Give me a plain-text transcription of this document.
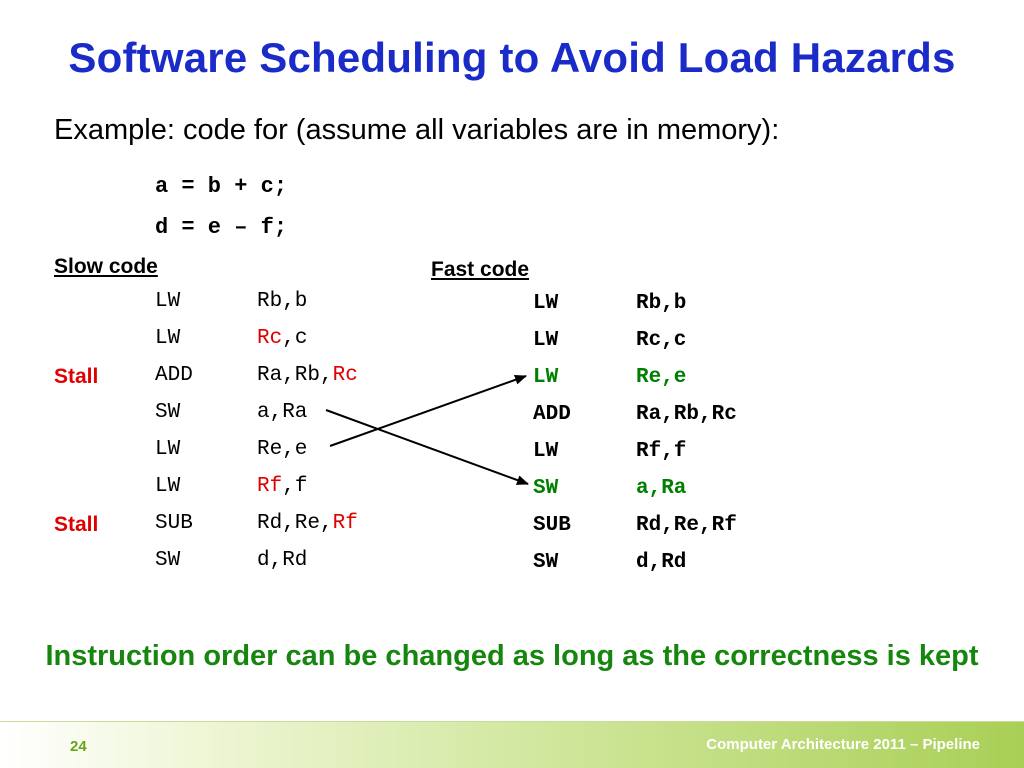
Software Scheduling to Avoid Load Hazards
Example: code for (assume all variables are in memory):
a = b + c;
d = e – f;
Slow code	Fast code
LW	Rb,b
LW	Rc,c
Stall	ADD	Ra,Rb,Rc
SW	a,Ra
LW	Re,e
LW	Rf,f
Stall	SUB	Rd,Re,Rf
SW	d,Rd
LW	Rb,b
LW	Rc,c
LW	Re,e
ADD	Ra,Rb,Rc
LW	Rf,f
SW	a,Ra
SUB	Rd,Re,Rf
SW	d,Rd
Instruction order can be changed as long as the correctness is kept
24	Computer Architecture 2011 – Pipeline
